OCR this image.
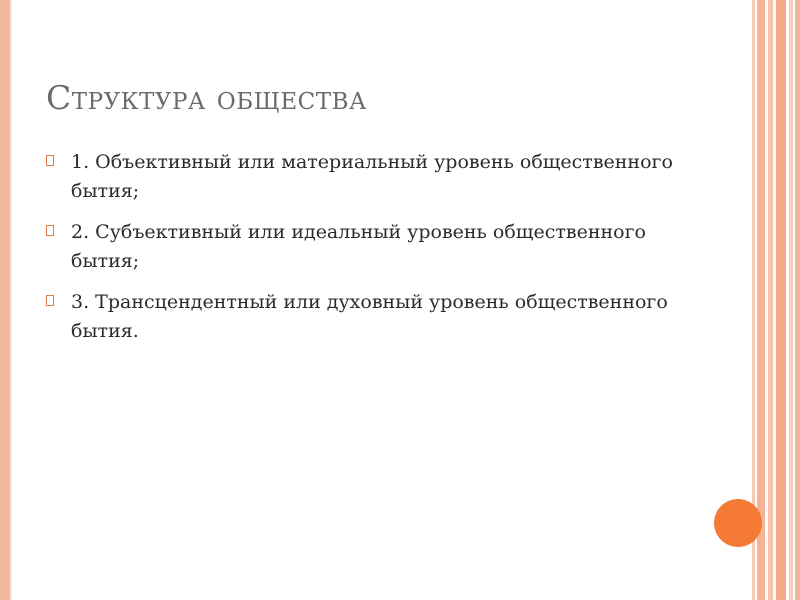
Структура общества
1. Объективный или материальный уровень общественного бытия;
2. Субъективный или идеальный уровень общественного бытия;
3. Трансцендентный или духовный уровень общественного бытия.
